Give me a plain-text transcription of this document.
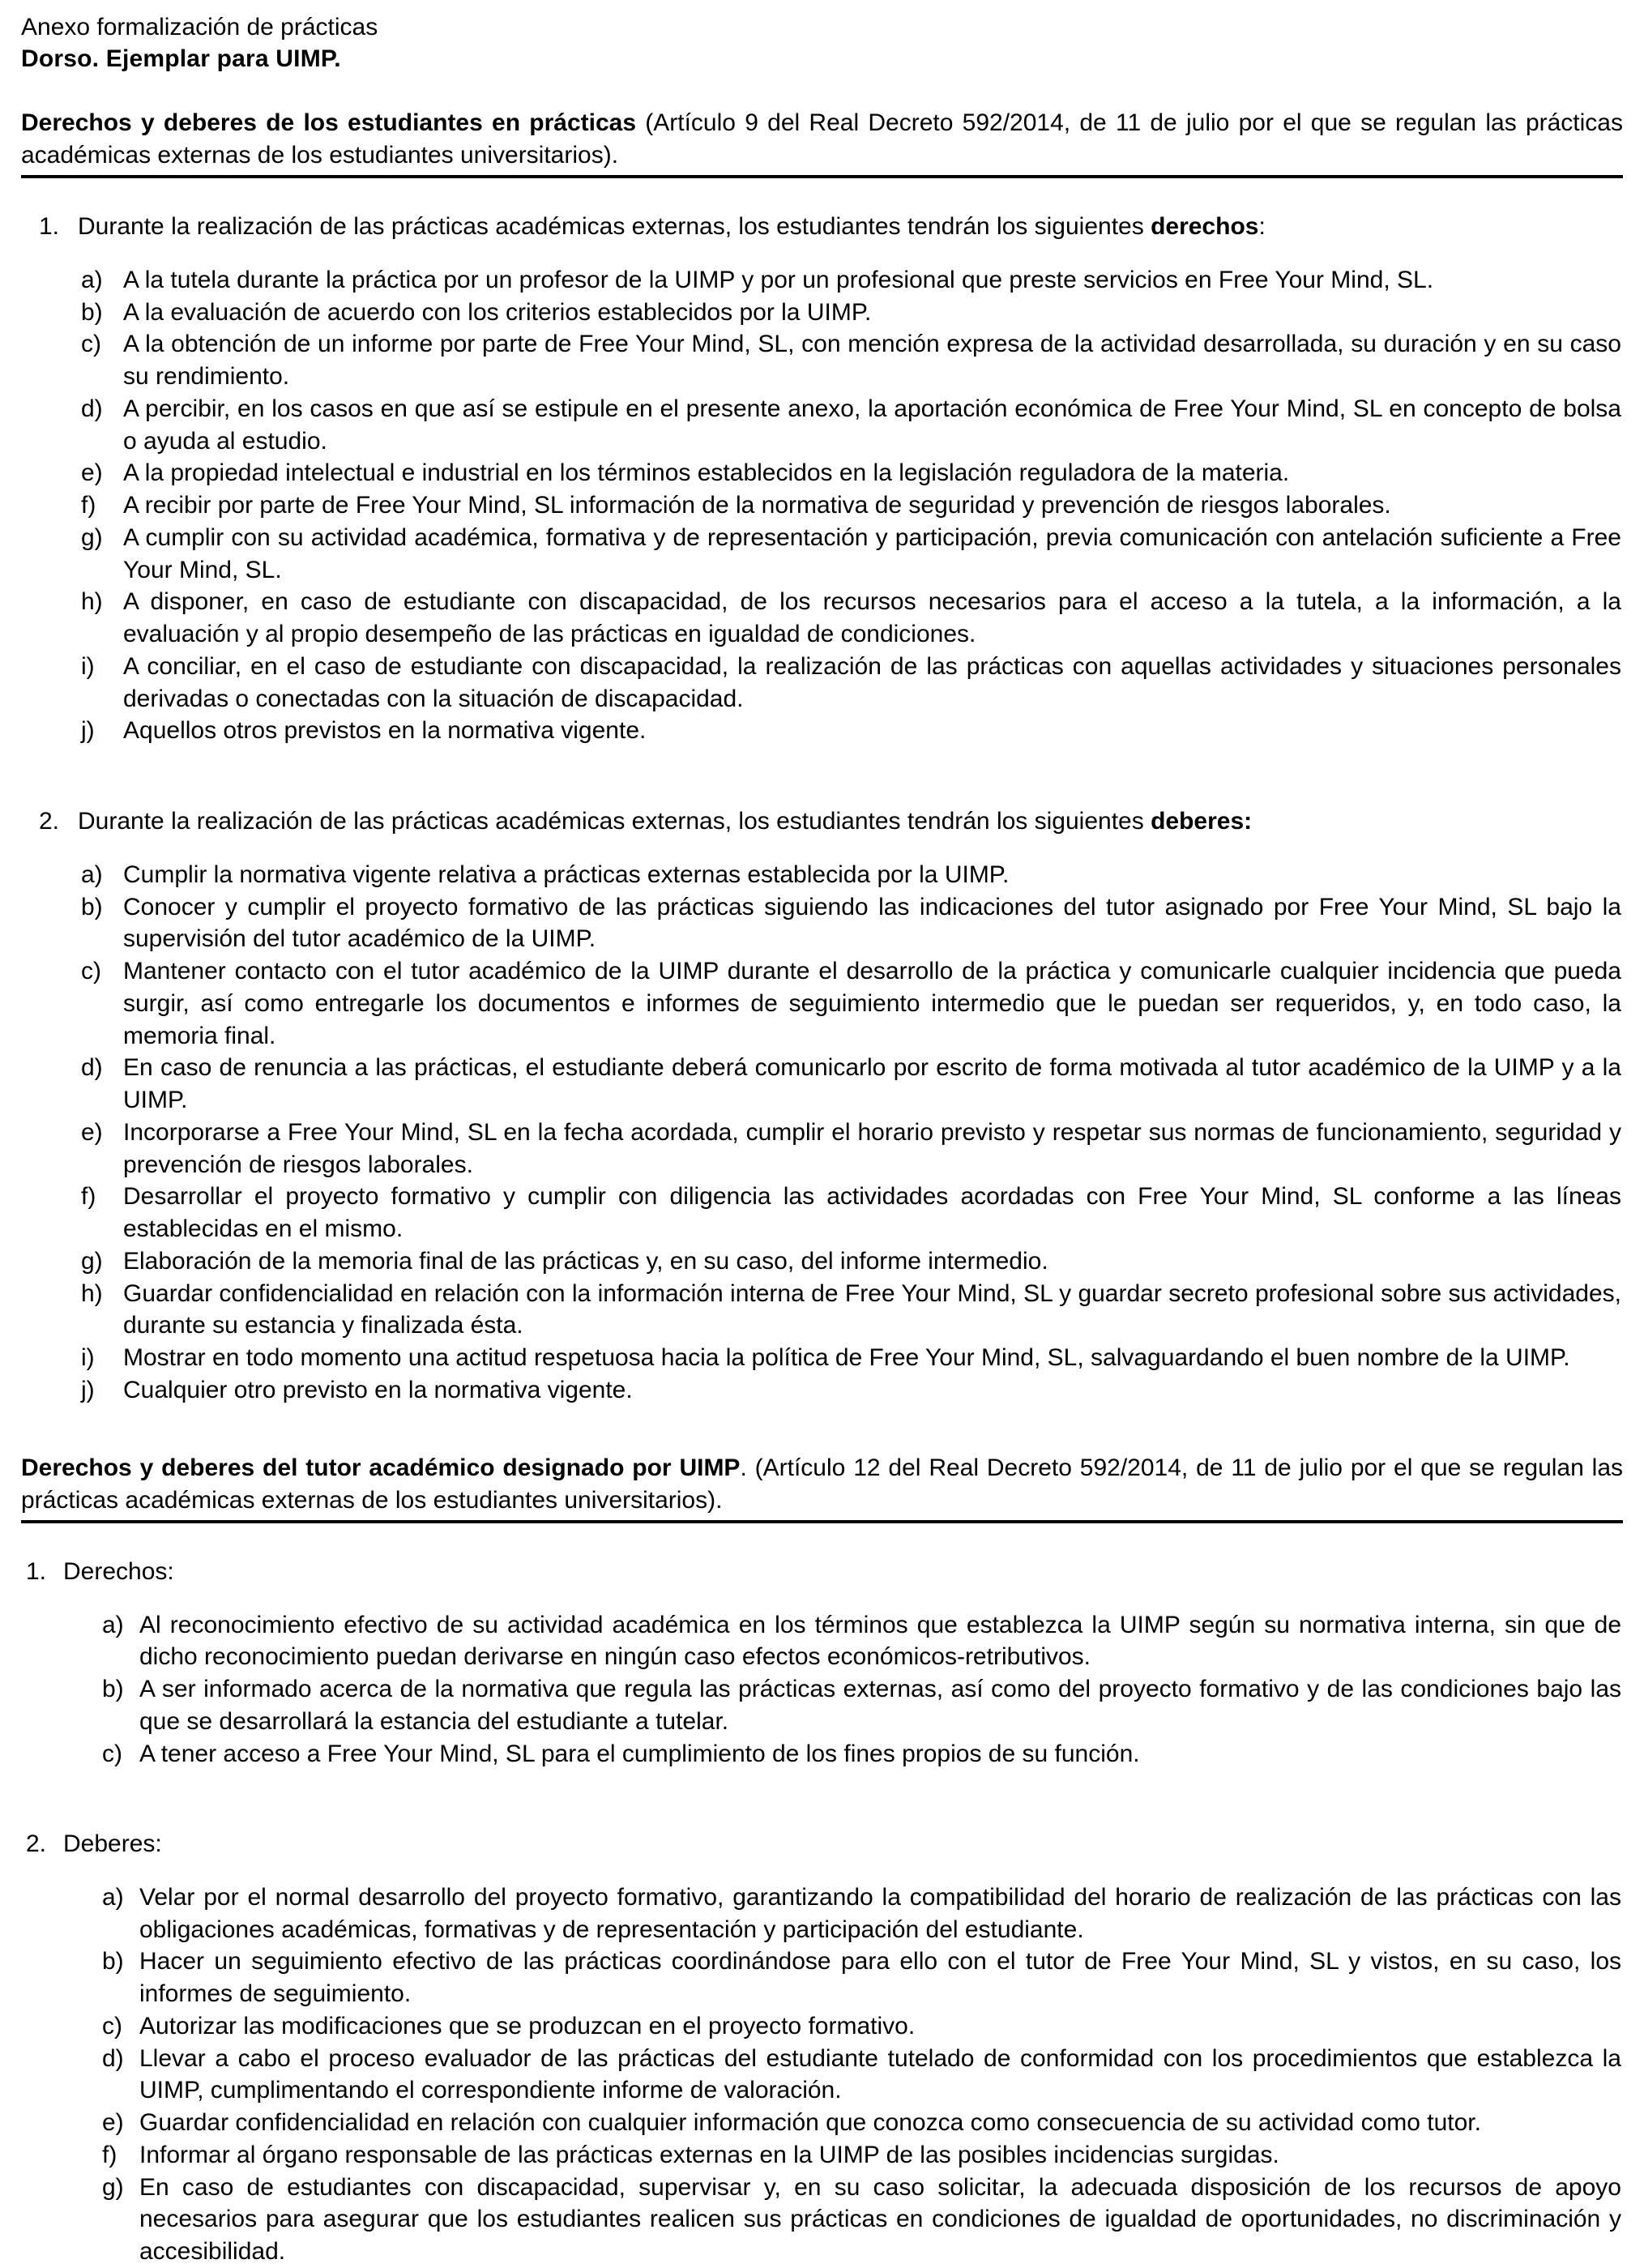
Anexo formalización de prácticas
Dorso. Ejemplar para UIMP.

Derechos y deberes de los estudiantes en prácticas (Artículo 9 del Real Decreto 592/2014, de 11 de julio por el que se regulan las prácticas académicas externas de los estudiantes universitarios).

1. Durante la realización de las prácticas académicas externas, los estudiantes tendrán los siguientes derechos:
a) A la tutela durante la práctica por un profesor de la UIMP y por un profesional que preste servicios en Free Your Mind, SL.
b) A la evaluación de acuerdo con los criterios establecidos por la UIMP.
c) A la obtención de un informe por parte de Free Your Mind, SL, con mención expresa de la actividad desarrollada, su duración y en su caso su rendimiento.
d) A percibir, en los casos en que así se estipule en el presente anexo, la aportación económica de Free Your Mind, SL en concepto de bolsa o ayuda al estudio.
e) A la propiedad intelectual e industrial en los términos establecidos en la legislación reguladora de la materia.
f)	A recibir por parte de Free Your Mind, SL información de la normativa de seguridad y prevención de riesgos laborales.
g) A cumplir con su actividad académica, formativa y de representación y participación, previa comunicación con antelación suficiente a Free Your Mind, SL.
h) A disponer, en caso de estudiante con discapacidad, de los recursos necesarios para el acceso a la tutela, a la información, a la evaluación y al propio desempeño de las prácticas en igualdad de condiciones.
i)	A conciliar, en el caso de estudiante con discapacidad, la realización de las prácticas con aquellas actividades y situaciones personales derivadas o conectadas con la situación de discapacidad.
j)	Aquellos otros previstos en la normativa vigente.
2. Durante la realización de las prácticas académicas externas, los estudiantes tendrán los siguientes deberes:
a) Cumplir la normativa vigente relativa a prácticas externas establecida por la UIMP.
b) Conocer y cumplir el proyecto formativo de las prácticas siguiendo las indicaciones del tutor asignado por Free Your Mind, SL bajo la supervisión del tutor académico de la UIMP.
c) Mantener contacto con el tutor académico de la UIMP durante el desarrollo de la práctica y comunicarle cualquier incidencia que pueda surgir, así como entregarle los documentos e informes de seguimiento intermedio que le puedan ser requeridos, y, en todo caso, la memoria final.
d) En caso de renuncia a las prácticas, el estudiante deberá comunicarlo por escrito de forma motivada al tutor académico de la UIMP y a la UIMP.
e) Incorporarse a Free Your Mind, SL en la fecha acordada, cumplir el horario previsto y respetar sus normas de funcionamiento, seguridad y prevención de riesgos laborales.
f)	Desarrollar el proyecto formativo y cumplir con diligencia las actividades acordadas con Free Your Mind, SL conforme a las líneas establecidas en el mismo.
g) Elaboración de la memoria final de las prácticas y, en su caso, del informe intermedio.
h) Guardar confidencialidad en relación con la información interna de Free Your Mind, SL y guardar secreto profesional sobre sus actividades, durante su estancia y finalizada ésta.
i)	Mostrar en todo momento una actitud respetuosa hacia la política de Free Your Mind, SL, salvaguardando el buen nombre de la UIMP.
j)	Cualquier otro previsto en la normativa vigente.

Derechos y deberes del tutor académico designado por UIMP. (Artículo 12 del Real Decreto 592/2014, de 11 de julio por el que se regulan las prácticas académicas externas de los estudiantes universitarios).

1. Derechos:
a) Al reconocimiento efectivo de su actividad académica en los términos que establezca la UIMP según su normativa interna, sin que de dicho reconocimiento puedan derivarse en ningún caso efectos económicos-retributivos.
b) A ser informado acerca de la normativa que regula las prácticas externas, así como del proyecto formativo y de las condiciones bajo las que se desarrollará la estancia del estudiante a tutelar.
c) A tener acceso a Free Your Mind, SL para el cumplimiento de los fines propios de su función.
2. Deberes:
a) Velar por el normal desarrollo del proyecto formativo, garantizando la compatibilidad del horario de realización de las prácticas con las obligaciones académicas, formativas y de representación y participación del estudiante.
b) Hacer un seguimiento efectivo de las prácticas coordinándose para ello con el tutor de Free Your Mind, SL y vistos, en su caso, los informes de seguimiento.
c) Autorizar las modificaciones que se produzcan en el proyecto formativo.
d) Llevar a cabo el proceso evaluador de las prácticas del estudiante tutelado de conformidad con los procedimientos que establezca la UIMP, cumplimentando el correspondiente informe de valoración.
e) Guardar confidencialidad en relación con cualquier información que conozca como consecuencia de su actividad como tutor.
f) Informar al órgano responsable de las prácticas externas en la UIMP de las posibles incidencias surgidas.
g) En caso de estudiantes con discapacidad, supervisar y, en su caso solicitar, la adecuada disposición de los recursos de apoyo necesarios para asegurar que los estudiantes realicen sus prácticas en condiciones de igualdad de oportunidades, no discriminación y accesibilidad.
